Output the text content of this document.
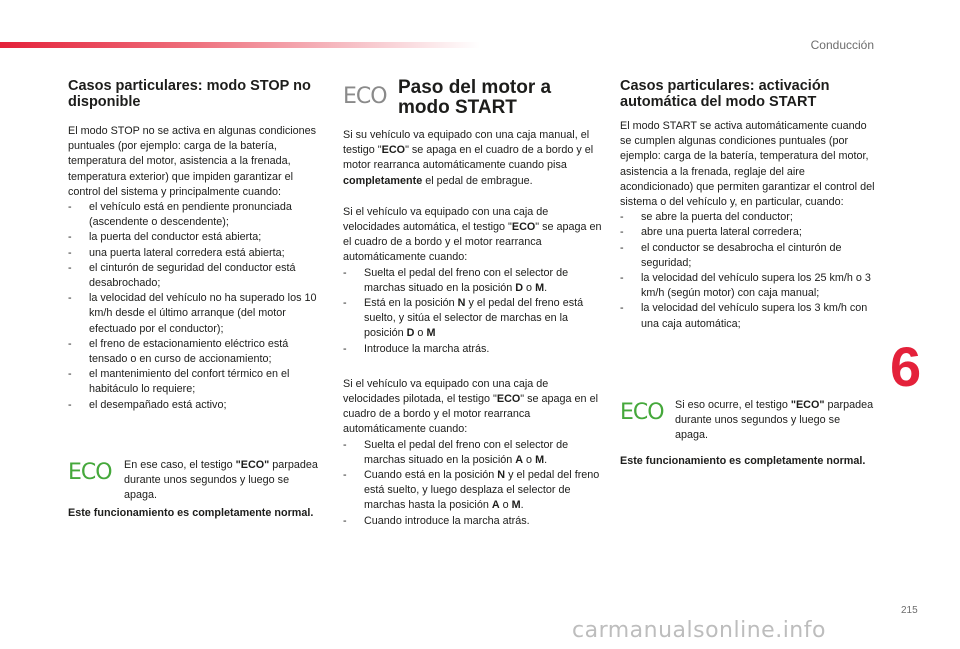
Conducción
Casos particulares: modo STOP no disponible

El modo STOP no se activa en algunas condiciones puntuales (por ejemplo: carga de la batería, temperatura del motor, asistencia a la frenada, temperatura exterior) que impiden garantizar el control del sistema y principalmente cuando:

- el vehículo está en pendiente pronunciada (ascendente o descendente);
- la puerta del conductor está abierta;
- una puerta lateral corredera está abierta;
- el cinturón de seguridad del conductor está desabrochado;
- la velocidad del vehículo no ha superado los 10 km/h desde el último arranque (del motor efectuado por el conductor);
- el freno de estacionamiento eléctrico está tensado o en curso de accionamiento;
- el mantenimiento del confort térmico en el habitáculo lo requiere;
- el desempañado está activo;
ECO	En ese caso, el testigo "ECO" parpadea durante unos segundos y luego se apaga.

Este funcionamiento es completamente normal.

ECO Paso del motor a modo START

Si su vehículo va equipado con una caja manual, el testigo "ECO" se apaga en el cuadro de a bordo y el motor rearranca automáticamente cuando pisa completamente el pedal de embrague.

Si el vehículo va equipado con una caja de velocidades automática, el testigo "ECO" se apaga en el cuadro de a bordo y el motor rearranca automáticamente cuando:

- Suelta el pedal del freno con el selector de marchas situado en la posición D o M.
- Está en la posición N y el pedal del freno está suelto, y sitúa el selector de marchas en la posición D o M
- Introduce la marcha atrás.

Si el vehículo va equipado con una caja de velocidades pilotada, el testigo "ECO" se apaga en el cuadro de a bordo y el motor rearranca automáticamente cuando:

- Suelta el pedal del freno con el selector de marchas situado en la posición A o M.
- Cuando está en la posición N y el pedal del freno está suelto, y luego desplaza el selector de marchas hasta la posición A o M.
- Cuando introduce la marcha atrás.
Casos particulares: activación automática del modo START

El modo START se activa automáticamente cuando se cumplen algunas condiciones puntuales (por ejemplo: carga de la batería, temperatura del motor, asistencia a la frenada, reglaje del aire acondicionado) que permiten garantizar el control del sistema o del vehículo y, en particular, cuando:

- se abre la puerta del conductor;
- abre una puerta lateral corredera;
- el conductor se desabrocha el cinturón de seguridad;
- la velocidad del vehículo supera los 25 km/h o 3 km/h (según motor) con caja manual;
- la velocidad del vehículo supera los 3 km/h con una caja automática;
ECO	Si eso ocurre, el testigo "ECO" parpadea durante unos segundos y luego se apaga.

Este funcionamiento es completamente normal.

6
215
carmanualsonline.info
